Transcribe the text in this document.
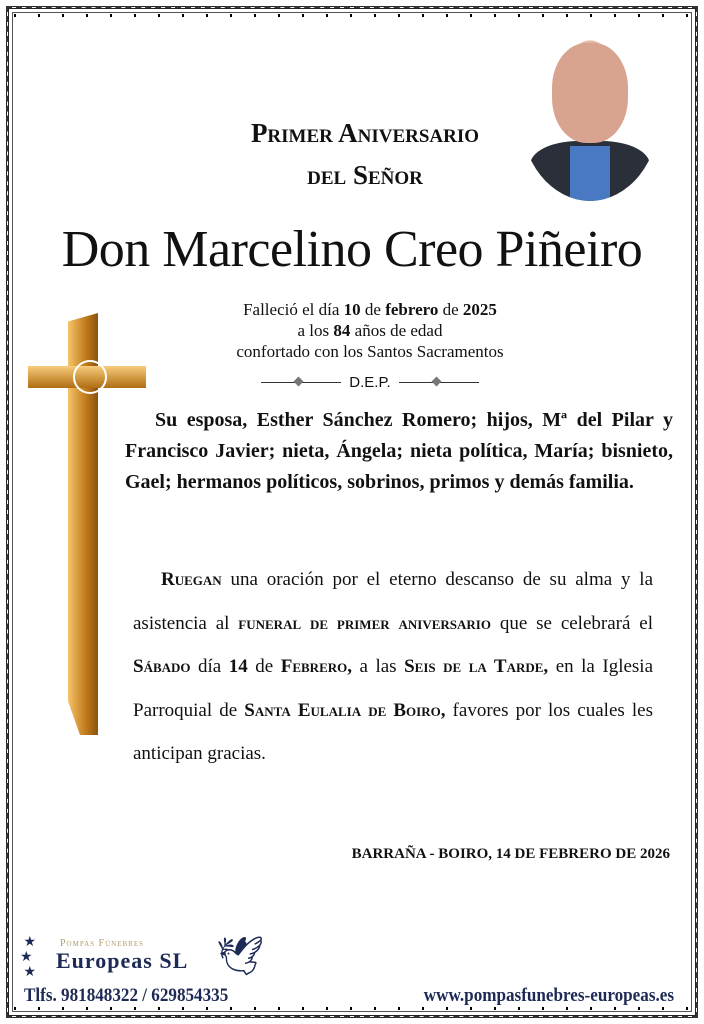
Primer Aniversario
del Señor
Don Marcelino Creo Piñeiro
Falleció el día 10 de febrero de 2025
a los 84 años de edad
confortado con los Santos Sacramentos
D.E.P.
Su esposa, Esther Sánchez Romero; hijos, Mª del Pilar y Francisco Javier; nieta, Ángela; nieta política, María; bisnieto, Gael; hermanos políticos, sobrinos, primos y demás familia.
Ruegan una oración por el eterno descanso de su alma y la asistencia al funeral de primer aniversario que se celebrará el Sábado día 14 de Febrero, a las Seis de la Tarde, en la Iglesia Parroquial de Santa Eulalia de Boiro, favores por los cuales les anticipan gracias.
BARRAÑA - BOIRO, 14 DE FEBRERO DE 2026
★
★
★
Pompas Fúnebres
Europeas SL 🕊
Tlfs. 981848322 / 629854335	www.pompasfunebres-europeas.es
